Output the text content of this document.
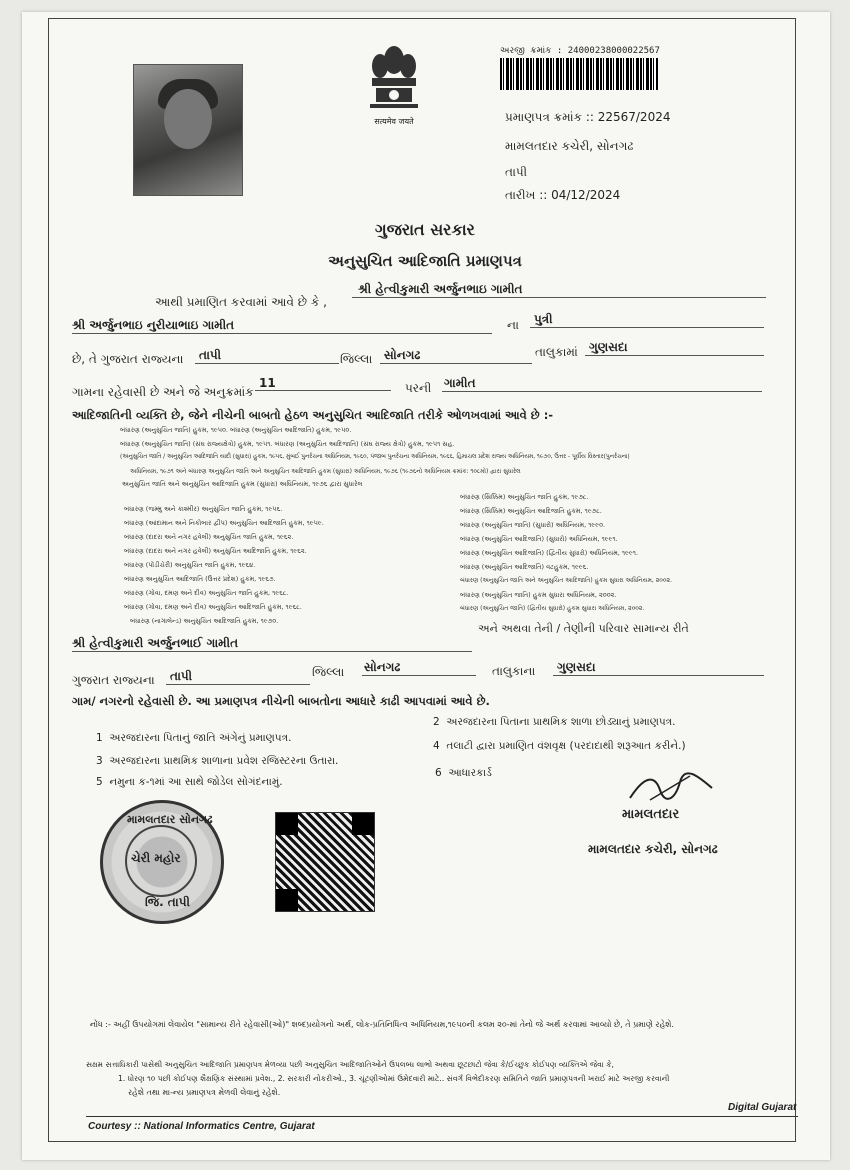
सत्यमेव जयते
અરજી ક્રમાંક : 24000238000022567
પ્રમાણપત્ર ક્રમાંક :: 22567/2024
મામલતદાર કચેરી, સોનગઢ
તાપી
તારીખ :: 04/12/2024
ગુજરાત સરકાર
અનુસુચિત આદિજાતિ પ્રમાણપત્ર
આથી પ્રમાણિત કરવામાં આવે છે કે ,
શ્રી હેત્વીકુમારી અર્જુનભાઇ ગામીત
શ્રી અર્જુનભાઇ નુરીયાભાઇ ગામીત	ના	પુત્રી
છે, તે ગુજરાત રાજ્યના	તાપી	જિલ્લા સોનગઢ	તાલુકામાં ગુણસદા
ગામના રહેવાસી છે અને જે અનુક્રમાંક
11	પરની ગામીત
આદિજાતિની વ્યક્તિ છે, જેને નીચેની બાબતો હેઠળ અનુસુચિત આદિજાતિ તરીકે ઓળખવામાં આવે છે :-
બંધારણ (અનુસુચિત જાતિ) હુકમ, ૧૯૫૦. બંધારણ (અનુસુચિત આદિજાતિ) હુકમ, ૧૯૫૦.
બંધારણ (અનુસુચિત જાતિ) (સંઘ રાજ્યક્ષેત્રો) હુકમ, ૧૯૫૧. બંધારણ (અનુસુચિત આદિજાતિ) (સંઘ રાજ્ય ક્ષેત્રો) હુકમ, ૧૯૫૧ સહ.
(અનુસુચિત જાતિ / અનુસુચિત આદિજાતિ યાદી (સુધારા) હુકમ, ૧૯૫૬, મુંબઈ પુનર્રચના અધિનિયમ, ૧૯૬૦, પંજાબ પુનર્રચના અધિનિયમ, ૧૯૬૬, હિમાચલ પ્રદેશ રાજ્ય અધિનિયમ, ૧૯૭૦, ઉત્તર - પૂર્વીય વિસ્તાર(પુનર્રચના)
અધિનિયમ, ૧૯૭૧ અને બંધારણ અનુસુચિત જાતિ અને અનુસુચિત આદિજાતિ હુકમ (સુધારા) અધિનિયમ, ૧૯૭૬ (૧૯૭૬નો અધિનિયમ ક્રમાંક: ૧૦૮મો) દ્વારા સુધારેલ
અનુસુચિત જાતિ અને અનુસુચિત આદિજાતિ હુકમ (સુધારા) અધિનિયમ, ૧૯૭૬ દ્વારા સુધારેલ
બંધારણ (જમ્મુ અને કાશ્મીર) અનુસુચિત જાતિ હુકમ, ૧૯૫૬.
બંધારણ (આંદામાન અને નિકોબાર દ્વીપ) અનુસુચિત આદિજાતિ હુકમ, ૧૯૫૯.
બંધારણ (દાદરા અને નગર હવેલી) અનુસુચિત જાતિ હુકમ, ૧૯૬૨.
બંધારણ (દાદરા અને નગર હવેલી) અનુસુચિત આદિજાતિ હુકમ, ૧૯૬૨.
બંધારણ (પોંડીચેરી) અનુસુચિત જાતિ હુકમ, ૧૯૬૪.
બંધારણ અનુસુચિત આદિજાતિ (ઉત્તર પ્રદેશ) હુકમ, ૧૯૬૭.
બંધારણ (ગોવા, દમણ અને દીવ) અનુસુચિત જાતિ હુકમ, ૧૯૬૮.
બંધારણ (ગોવા, દમણ અને દીવ) અનુસુચિત આદિજાતિ હુકમ, ૧૯૬૮.
બંધારણ (નાગાલેન્ડ) અનુસુચિત આદિજાતિ હુકમ, ૧૯૭૦.
બંધારણ (સિક્કિમ) અનુસુચિત જાતિ હુકમ, ૧૯૭૮.
બંધારણ (સિક્કિમ) અનુસુચિત આદિજાતિ હુકમ, ૧૯૭૮.
બંધારણ (અનુસુચિત જાતિ) (સુધારો) અધિનિયમ, ૧૯૯૦.
બંધારણ (અનુસુચિત આદિજાતિ) (સુધારો) અધિનિયમ, ૧૯૯૧.
બંધારણ (અનુસુચિત આદિજાતિ) (દ્વિતીય સુધારો) અધિનિયમ, ૧૯૯૧.
બંધારણ (અનુસુચિત આદિજાતિ) વટહુકમ, ૧૯૯૬.
બંધારણ (અનુસુચિત જાતિ અને અનુસુચિત આદિજાતિ) હુકમ સુધારા અધિનિયમ, ૨૦૦૨.
બંધારણ (અનુસુચિત જાતિ) હુકમ સુધારા અધિનિયમ, ૨૦૦૨.
બંધારણ (અનુસુચિત જાતિ) (દ્વિતીય સુધારો) હુકમ સુધારા અધિનિયમ, ૨૦૦૨.
અને અથવા તેની / તેણીની પરિવાર સામાન્ય રીતે
શ્રી હેત્વીકુમારી અર્જુનભાઈ ગામીત
ગુજરાત રાજ્યના	તાપી	જિલ્લા સોનગઢ	તાલુકાના	ગુણસદા
ગામ/ નગરનો રહેવાસી છે. આ પ્રમાણપત્ર નીચેની બાબતોના આધારે કાઢી આપવામાં આવે છે.
1 અરજદારના પિતાનું જાતિ અંગેનું પ્રમાણપત્ર.
2 અરજદારના પિતાના પ્રાથમિક શાળા છોડ્યાનું પ્રમાણપત્ર.
3 અરજદારના પ્રાથમિક શાળાના પ્રવેશ રજિસ્ટરના ઉતારા.
4 તલાટી દ્વારા પ્રમાણિત વંશવૃક્ષ (પરદાદાથી શરૂઆત કરીને.)
5 નમુના ક-૧માં આ સાથે જોડેલ સોગંદનામું.
6 આધારકાર્ડ
મામલતદાર
મામલતદાર કચેરી, સોનગઢ
મામલતદાર સોનગઢ
ચેરી મહોર
જિ. તાપી
નોંધ :- અહીં ઉપયોગમાં લેવાયેલ "સામાન્ય રીતે રહેવાસી(ઓ)" શબ્દપ્રયોગનો અર્થ, લોક-પ્રતિનિધિત્વ અધિનિયમ,૧૯૫૦ની કલમ ૨૦-માં તેનો જે અર્થ કરવામાં આવ્યો છે, તે પ્રમાણે રહેશે.
સક્ષમ સત્તાધિકારી પાસેથી અનુસુચિત આદિજાતિ પ્રમાણપત્ર મેળવ્યા પછી અનુસુચિત આદિજાતિઓને ઉપલબ્ધ લાભો અથવા છૂટછાટો જેવા કે/ઈચ્છુક કોઈપણ વ્યક્તિએ જેવા કે,
1. ધોરણ ૧૦ પછી કોઈપણ શૈક્ષણિક સંસ્થામાં પ્રવેશ., 2. સરકારી નોકરીઓ., 3. ચૂંટણીઓમાં ઉમેદવારી માટે.. સંવર્ગ વિભેદીકરણ સમિતિને જાતિ પ્રમાણપત્રની ખરાઈ માટે અરજી કરવાની
રહેશે તથા મા-ન્ય પ્રમાણપત્ર મેળવી લેવાનું રહેશે.
Digital Gujarat
Courtesy :: National Informatics Centre, Gujarat
